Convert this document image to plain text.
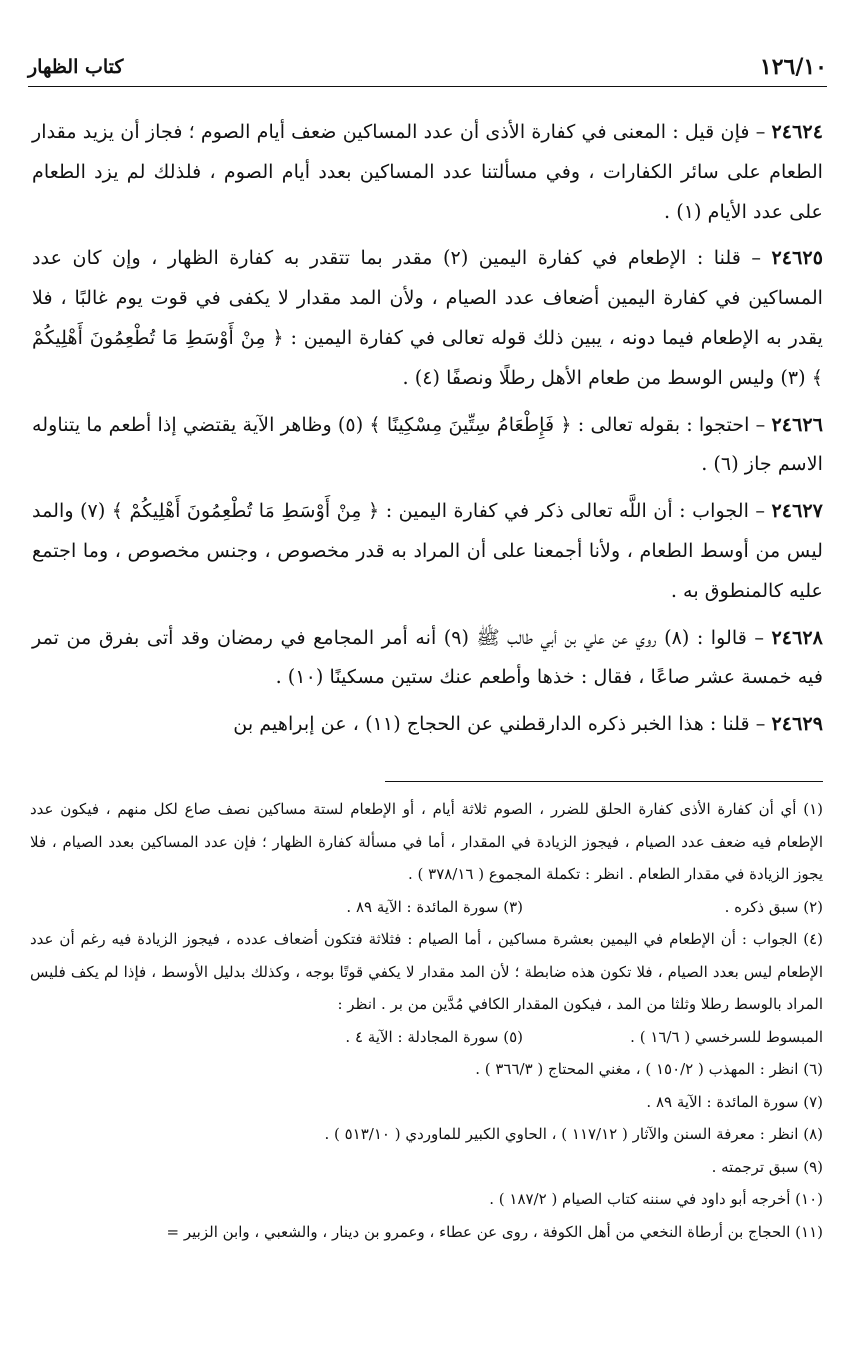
١٢٦/١٠
كتاب الظهار

٢٤٦٢٤ – فإن قيل : المعنى في كفارة الأذى أن عدد المساكين ضعف أيام الصوم ؛ فجاز أن يزيد مقدار الطعام على سائر الكفارات ، وفي مسألتنا عدد المساكين بعدد أيام الصوم ، فلذلك لم يزد الطعام على عدد الأيام (١) .

٢٤٦٢٥ – قلنا : الإطعام في كفارة اليمين (٢) مقدر بما تتقدر به كفارة الظهار ، وإن كان عدد المساكين في كفارة اليمين أضعاف عدد الصيام ، ولأن المد مقدار لا يكفى في قوت يوم غالبًا ، فلا يقدر به الإطعام فيما دونه ، يبين ذلك قوله تعالى في كفارة اليمين : ﴿ مِنْ أَوْسَطِ مَا تُطْعِمُونَ أَهْلِيكُمْ ﴾ (٣) وليس الوسط من طعام الأهل رطلًا ونصفًا (٤) .

٢٤٦٢٦ – احتجوا : بقوله تعالى : ﴿ فَإِطْعَامُ سِتِّينَ مِسْكِينًا ﴾ (٥) وظاهر الآية يقتضي إذا أطعم ما يتناوله الاسم جاز (٦) .

٢٤٦٢٧ – الجواب : أن اللَّه تعالى ذكر في كفارة اليمين : ﴿ مِنْ أَوْسَطِ مَا تُطْعِمُونَ أَهْلِيكُمْ ﴾ (٧) والمد ليس من أوسط الطعام ، ولأنا أجمعنا على أن المراد به قدر مخصوص ، وجنس مخصوص ، وما اجتمع عليه كالمنطوق به .

٢٤٦٢٨ – قالوا : (٨) روي عن علي بن أبي طالب ﷺ (٩) أنه أمر المجامع في رمضان وقد أتى بفرق من تمر فيه خمسة عشر صاعًا ، فقال : خذها وأطعم عنك ستين مسكينًا (١٠) .

٢٤٦٢٩ – قلنا : هذا الخبر ذكره الدارقطني عن الحجاج (١١) ، عن إبراهيم بن

(١) أي أن كفارة الأذى كفارة الحلق للضرر ، الصوم ثلاثة أيام ، أو الإطعام لستة مساكين نصف صاع لكل منهم ، فيكون عدد الإطعام فيه ضعف عدد الصيام ، فيجوز الزيادة في المقدار ، أما في مسألة كفارة الظهار ؛ فإن عدد المساكين بعدد الصيام ، فلا يجوز الزيادة في مقدار الطعام . انظر : تكملة المجموع ( ٣٧٨/١٦ ) .

(٢) سبق ذكره .
(٣) سورة المائدة : الآية ٨٩ .

(٤) الجواب : أن الإطعام في اليمين بعشرة مساكين ، أما الصيام : فثلاثة فتكون أضعاف عدده ، فيجوز الزيادة فيه رغم أن عدد الإطعام ليس بعدد الصيام ، فلا تكون هذه ضابطة ؛ لأن المد مقدار لا يكفي قوتًا بوجه ، وكذلك بدليل الأوسط ، فإذا لم يكف فليس المراد بالوسط رطلا وثلثا من المد ، فيكون المقدار الكافي مُدَّين من بر . انظر :

المبسوط للسرخسي ( ١٦/٦ ) .
(٥) سورة المجادلة : الآية ٤ .

(٦) انظر : المهذب ( ١٥٠/٢ ) ، مغني المحتاج ( ٣٦٦/٣ ) .

(٧) سورة المائدة : الآية ٨٩ .

(٨) انظر : معرفة السنن والآثار ( ١١٧/١٢ ) ، الحاوي الكبير للماوردي ( ٥١٣/١٠ ) .

(٩) سبق ترجمته .

(١٠) أخرجه أبو داود في سننه كتاب الصيام ( ١٨٧/٢ ) .

(١١) الحجاج بن أرطاة النخعي من أهل الكوفة ، روى عن عطاء ، وعمرو بن دينار ، والشعبي ، وابن الزبير =
